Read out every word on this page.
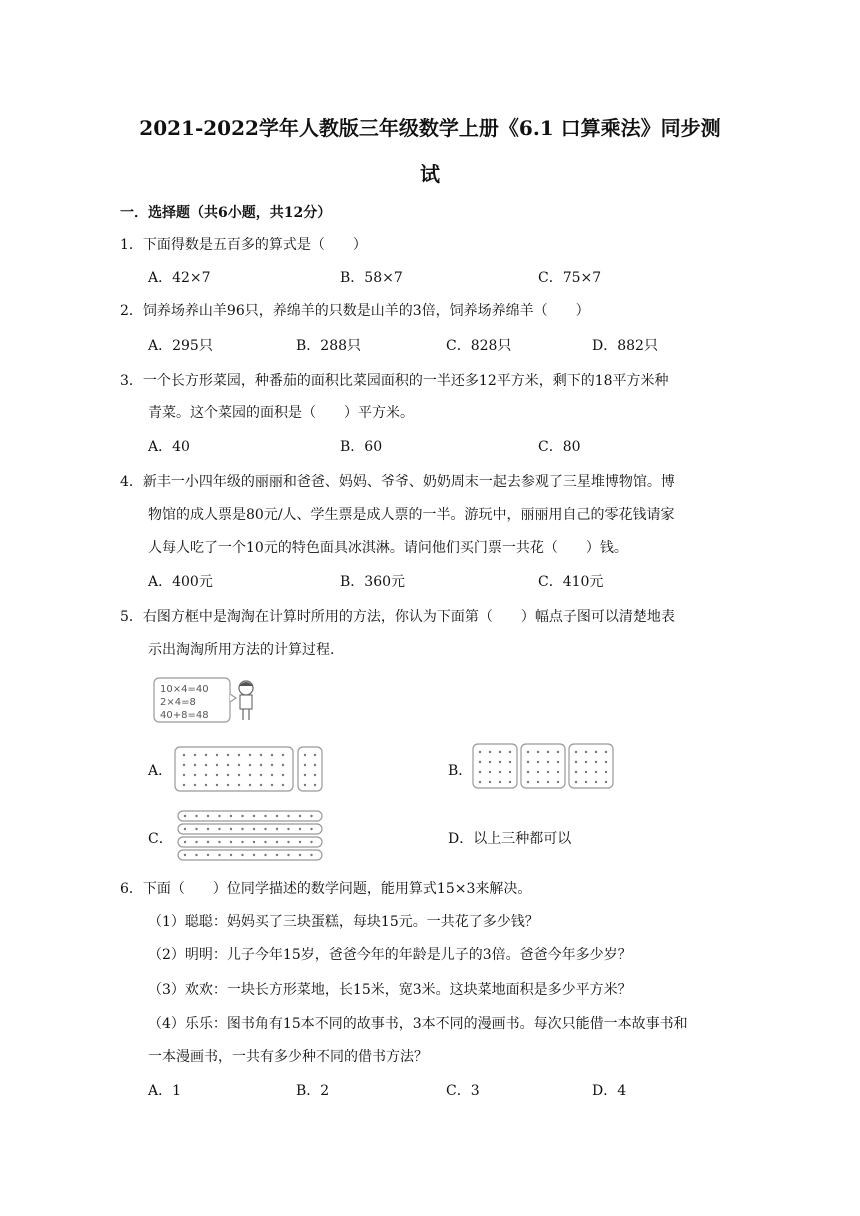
2021-2022学年人教版三年级数学上册《6.1 口算乘法》同步测
试
一．选择题（共6小题，共12分）
1．下面得数是五百多的算式是（　　）
A．42×7	B．58×7	C．75×7
2．饲养场养山羊96只，养绵羊的只数是山羊的3倍，饲养场养绵羊（　　）
A．295只	B．288只	C．828只	D．882只
3．一个长方形菜园，种番茄的面积比菜园面积的一半还多12平方米，剩下的18平方米种
青菜。这个菜园的面积是（　　）平方米。
A．40	B．60	C．80
4．新丰一小四年级的丽丽和爸爸、妈妈、爷爷、奶奶周末一起去参观了三星堆博物馆。博
物馆的成人票是80元/人、学生票是成人票的一半。游玩中，丽丽用自己的零花钱请家
人每人吃了一个10元的特色面具冰淇淋。请问他们买门票一共花（　　）钱。
A．400元	B．360元	C．410元
5．右图方框中是淘淘在计算时所用的方法，你认为下面第（　　）幅点子图可以清楚地表
示出淘淘所用方法的计算过程.
10×4=40
2×4=8
40+8=48
A．	B．
C．	D．以上三种都可以
6．下面（　　）位同学描述的数学问题，能用算式15×3来解决。
（1）聪聪：妈妈买了三块蛋糕，每块15元。一共花了多少钱？
（2）明明：儿子今年15岁，爸爸今年的年龄是儿子的3倍。爸爸今年多少岁？
（3）欢欢：一块长方形菜地，长15米，宽3米。这块菜地面积是多少平方米？
（4）乐乐：图书角有15本不同的故事书，3本不同的漫画书。每次只能借一本故事书和
一本漫画书，一共有多少种不同的借书方法？
A．1	B．2	C．3	D．4
